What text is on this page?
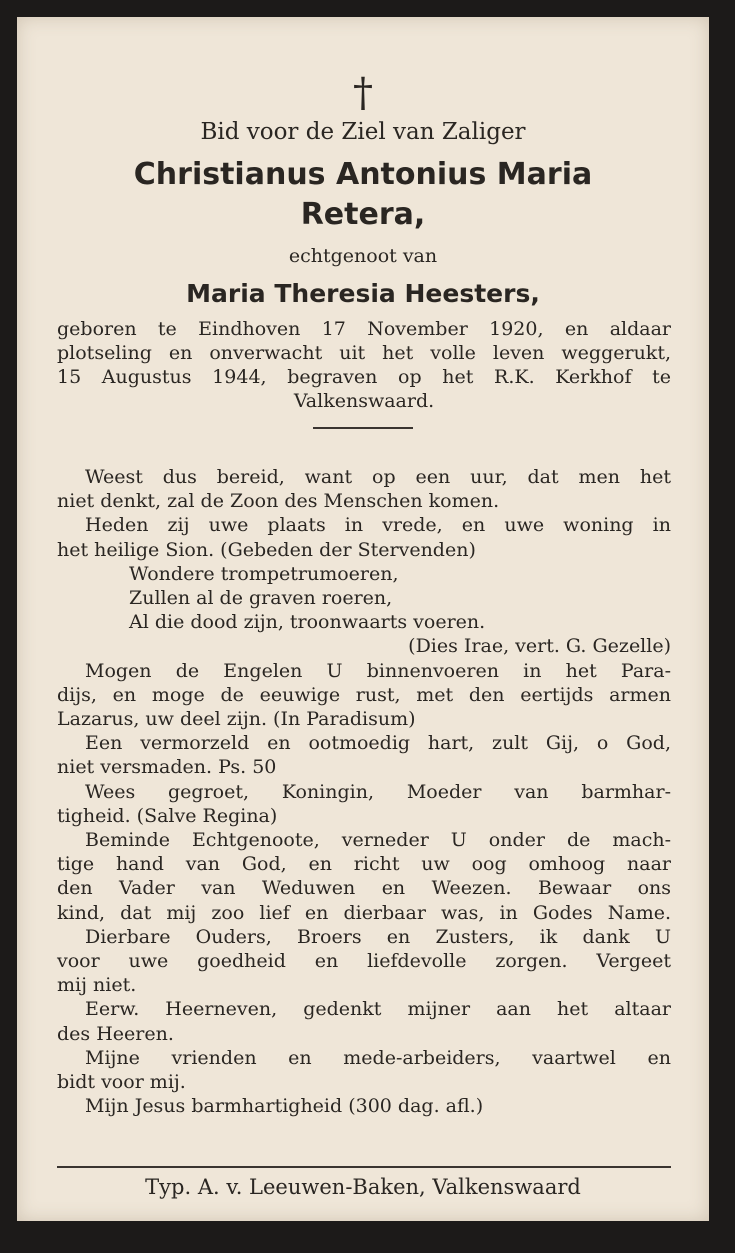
†
Bid voor de Ziel van Zaliger
Christianus Antonius Maria
Retera,
echtgenoot van
Maria Theresia Heesters,
geboren te Eindhoven 17 November 1920, en aldaar
plotseling en onverwacht uit het volle leven weggerukt,
15 Augustus 1944, begraven op het R.K. Kerkhof te
Valkenswaard.
Weest dus bereid, want op een uur, dat men het
niet denkt, zal de Zoon des Menschen komen.
Heden zij uwe plaats in vrede, en uwe woning in
het heilige Sion. (Gebeden der Stervenden)
Wondere trompetrumoeren,
Zullen al de graven roeren,
Al die dood zijn, troonwaarts voeren.
(Dies Irae, vert. G. Gezelle)
Mogen de Engelen U binnenvoeren in het Para-
dijs, en moge de eeuwige rust, met den eertijds armen
Lazarus, uw deel zijn. (In Paradisum)
Een vermorzeld en ootmoedig hart, zult Gij, o God,
niet versmaden. Ps. 50
Wees gegroet, Koningin, Moeder van barmhar-
tigheid. (Salve Regina)
Beminde Echtgenoote, verneder U onder de mach-
tige hand van God, en richt uw oog omhoog naar
den Vader van Weduwen en Weezen. Bewaar ons
kind, dat mij zoo lief en dierbaar was, in Godes Name.
Dierbare Ouders, Broers en Zusters, ik dank U
voor uwe goedheid en liefdevolle zorgen. Vergeet
mij niet.
Eerw. Heerneven, gedenkt mijner aan het altaar
des Heeren.
Mijne vrienden en mede-arbeiders, vaartwel en
bidt voor mij.
Mijn Jesus barmhartigheid (300 dag. afl.)
Typ. A. v. Leeuwen-Baken, Valkenswaard
